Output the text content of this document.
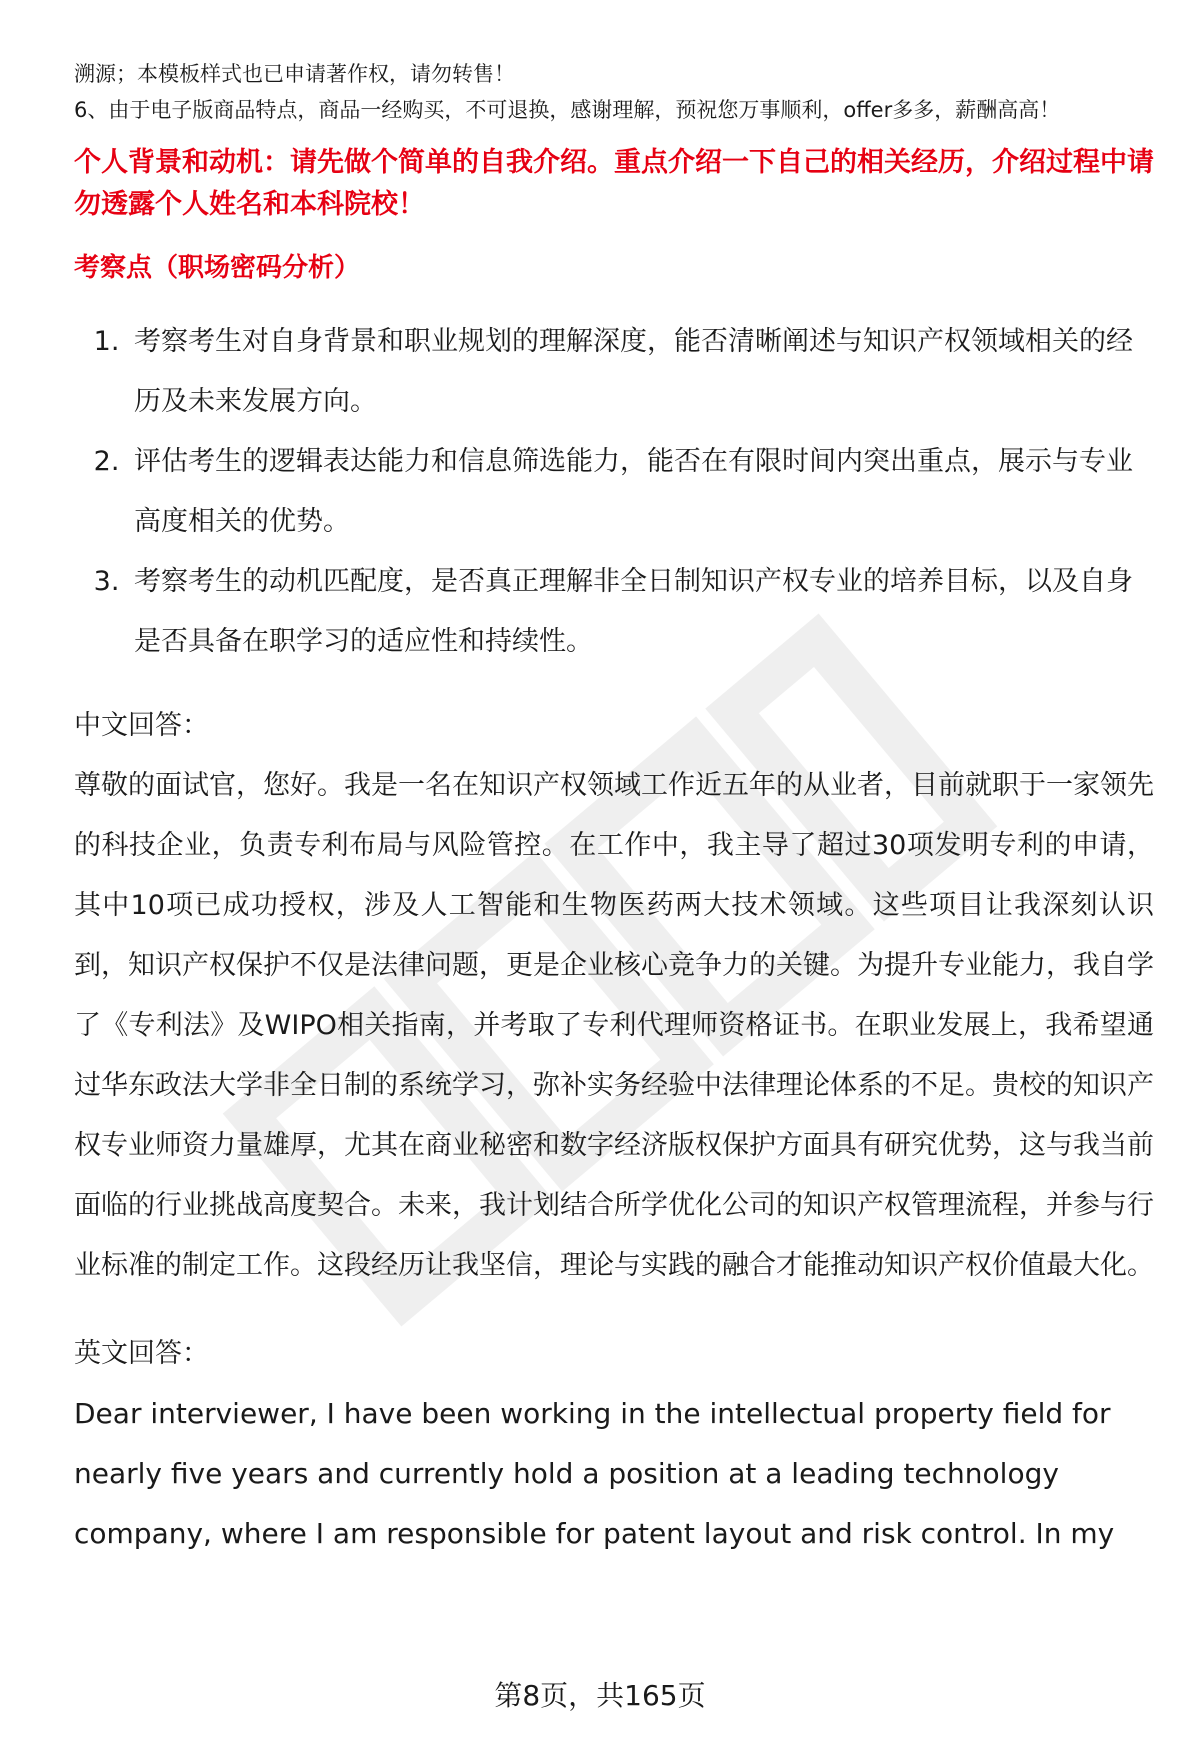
溯源；本模板样式也已申请著作权，请勿转售！

6、由于电子版商品特点，商品一经购买，不可退换，感谢理解，预祝您万事顺利，offer多多，薪酬高高！

个人背景和动机：请先做个简单的自我介绍。重点介绍一下自己的相关经历，介绍过程中请勿透露个人姓名和本科院校！

考察点（职场密码分析）

1. 考察考生对自身背景和职业规划的理解深度，能否清晰阐述与知识产权领域相关的经历及未来发展方向。
2. 评估考生的逻辑表达能力和信息筛选能力，能否在有限时间内突出重点，展示与专业高度相关的优势。
3. 考察考生的动机匹配度，是否真正理解非全日制知识产权专业的培养目标，以及自身是否具备在职学习的适应性和持续性。

中文回答：

尊敬的面试官，您好。我是一名在知识产权领域工作近五年的从业者，目前就职于一家领先的科技企业，负责专利布局与风险管控。在工作中，我主导了超过30项发明专利的申请，其中10项已成功授权，涉及人工智能和生物医药两大技术领域。这些项目让我深刻认识到，知识产权保护不仅是法律问题，更是企业核心竞争力的关键。为提升专业能力，我自学了《专利法》及WIPO相关指南，并考取了专利代理师资格证书。在职业发展上，我希望通过华东政法大学非全日制的系统学习，弥补实务经验中法律理论体系的不足。贵校的知识产权专业师资力量雄厚，尤其在商业秘密和数字经济版权保护方面具有研究优势，这与我当前面临的行业挑战高度契合。未来，我计划结合所学优化公司的知识产权管理流程，并参与行业标准的制定工作。这段经历让我坚信，理论与实践的融合才能推动知识产权价值最大化。

英文回答：

Dear interviewer, I have been working in the intellectual property field for nearly five years and currently hold a position at a leading technology company, where I am responsible for patent layout and risk control. In my

第8页，共165页
